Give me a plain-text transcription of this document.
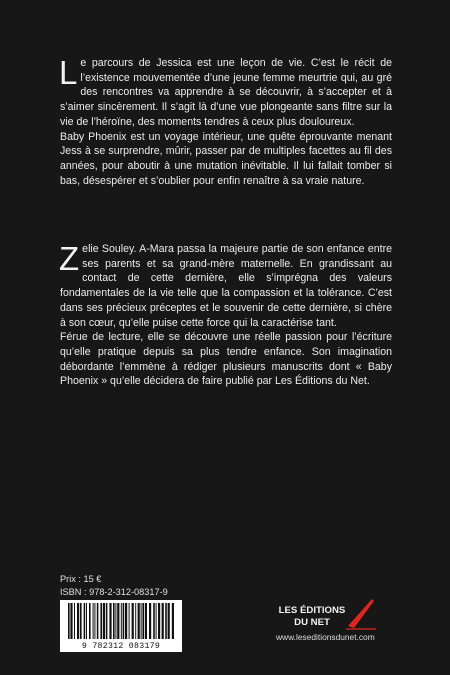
Le parcours de Jessica est une leçon de vie. C’est le récit de l’existence mouvementée d’une jeune femme meurtrie qui, au gré des rencontres va apprendre à se découvrir, à s’accepter et à s’aimer sincèrement. Il s’agit là d’une vue plongeante sans filtre sur la vie de l’héroïne, des moments tendres à ceux plus douloureux.
Baby Phoenix est un voyage intérieur, une quête éprouvante menant Jess à se surprendre, mûrir, passer par de multiples facettes au fil des années, pour aboutir à une mutation inévitable. Il lui fallait tomber si bas, désespérer et s’oublier pour enfin renaître à sa vraie nature.
Zelie Souley. A-Mara passa la majeure partie de son enfance entre ses parents et sa grand-mère maternelle. En grandissant au contact de cette dernière, elle s’imprégna des valeurs fondamentales de la vie telle que la compassion et la tolérance. C’est dans ses précieux préceptes et le souvenir de cette dernière, si chère à son cœur, qu’elle puise cette force qui la caractérise tant.
Férue de lecture, elle se découvre une réelle passion pour l’écriture qu’elle pratique depuis sa plus tendre enfance. Son imagination débordante l’emmène à rédiger plusieurs manuscrits dont « Baby Phoenix » qu’elle décidera de faire publié par Les Éditions du Net.
Prix : 15 €
ISBN : 978-2-312-08317-9
9 782312 083179
LES ÉDITIONS
DU NET
www.leseditionsdunet.com
